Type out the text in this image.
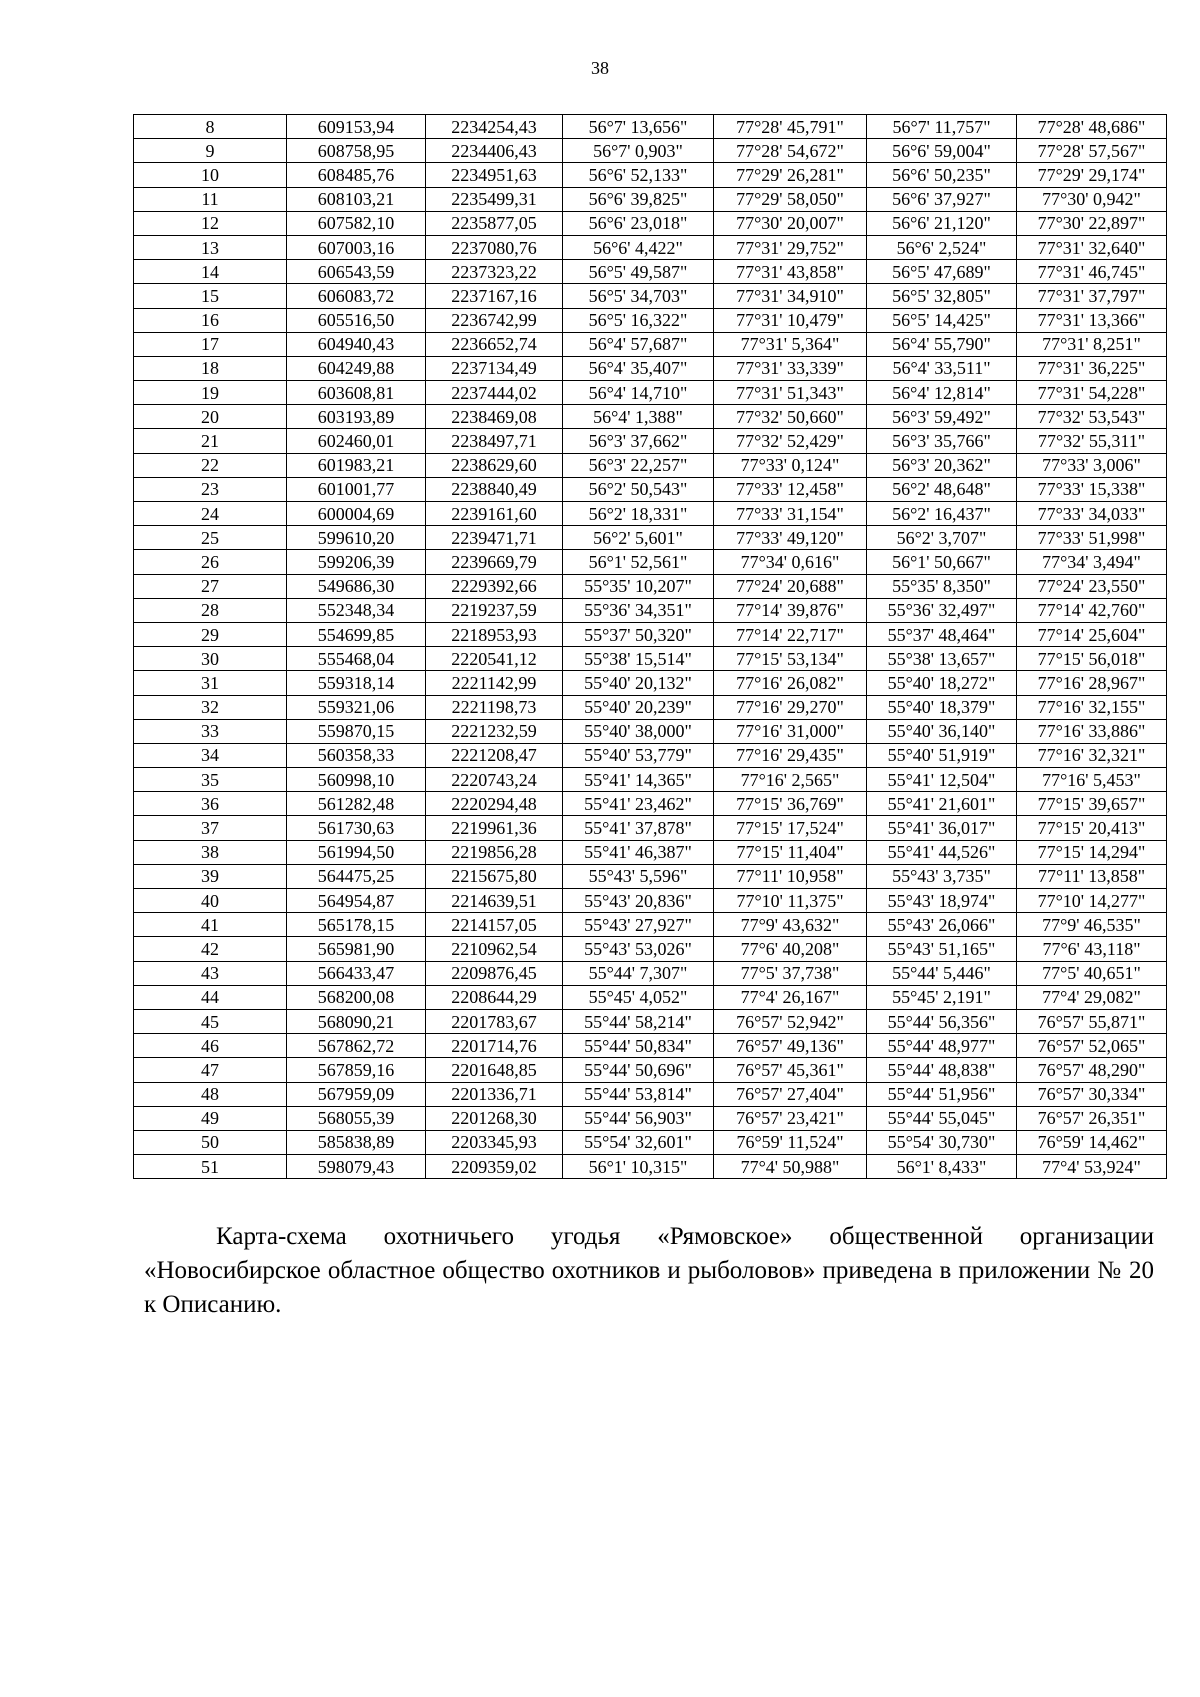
38
8	609153,94	2234254,43	56°7' 13,656"	77°28' 45,791"	56°7' 11,757"	77°28' 48,686"
9	608758,95	2234406,43	56°7' 0,903"	77°28' 54,672"	56°6' 59,004"	77°28' 57,567"
10	608485,76	2234951,63	56°6' 52,133"	77°29' 26,281"	56°6' 50,235"	77°29' 29,174"
11	608103,21	2235499,31	56°6' 39,825"	77°29' 58,050"	56°6' 37,927"	77°30' 0,942"
12	607582,10	2235877,05	56°6' 23,018"	77°30' 20,007"	56°6' 21,120"	77°30' 22,897"
13	607003,16	2237080,76	56°6' 4,422"	77°31' 29,752"	56°6' 2,524"	77°31' 32,640"
14	606543,59	2237323,22	56°5' 49,587"	77°31' 43,858"	56°5' 47,689"	77°31' 46,745"
15	606083,72	2237167,16	56°5' 34,703"	77°31' 34,910"	56°5' 32,805"	77°31' 37,797"
16	605516,50	2236742,99	56°5' 16,322"	77°31' 10,479"	56°5' 14,425"	77°31' 13,366"
17	604940,43	2236652,74	56°4' 57,687"	77°31' 5,364"	56°4' 55,790"	77°31' 8,251"
18	604249,88	2237134,49	56°4' 35,407"	77°31' 33,339"	56°4' 33,511"	77°31' 36,225"
19	603608,81	2237444,02	56°4' 14,710"	77°31' 51,343"	56°4' 12,814"	77°31' 54,228"
20	603193,89	2238469,08	56°4' 1,388"	77°32' 50,660"	56°3' 59,492"	77°32' 53,543"
21	602460,01	2238497,71	56°3' 37,662"	77°32' 52,429"	56°3' 35,766"	77°32' 55,311"
22	601983,21	2238629,60	56°3' 22,257"	77°33' 0,124"	56°3' 20,362"	77°33' 3,006"
23	601001,77	2238840,49	56°2' 50,543"	77°33' 12,458"	56°2' 48,648"	77°33' 15,338"
24	600004,69	2239161,60	56°2' 18,331"	77°33' 31,154"	56°2' 16,437"	77°33' 34,033"
25	599610,20	2239471,71	56°2' 5,601"	77°33' 49,120"	56°2' 3,707"	77°33' 51,998"
26	599206,39	2239669,79	56°1' 52,561"	77°34' 0,616"	56°1' 50,667"	77°34' 3,494"
27	549686,30	2229392,66	55°35' 10,207"	77°24' 20,688"	55°35' 8,350"	77°24' 23,550"
28	552348,34	2219237,59	55°36' 34,351"	77°14' 39,876"	55°36' 32,497"	77°14' 42,760"
29	554699,85	2218953,93	55°37' 50,320"	77°14' 22,717"	55°37' 48,464"	77°14' 25,604"
30	555468,04	2220541,12	55°38' 15,514"	77°15' 53,134"	55°38' 13,657"	77°15' 56,018"
31	559318,14	2221142,99	55°40' 20,132"	77°16' 26,082"	55°40' 18,272"	77°16' 28,967"
32	559321,06	2221198,73	55°40' 20,239"	77°16' 29,270"	55°40' 18,379"	77°16' 32,155"
33	559870,15	2221232,59	55°40' 38,000"	77°16' 31,000"	55°40' 36,140"	77°16' 33,886"
34	560358,33	2221208,47	55°40' 53,779"	77°16' 29,435"	55°40' 51,919"	77°16' 32,321"
35	560998,10	2220743,24	55°41' 14,365"	77°16' 2,565"	55°41' 12,504"	77°16' 5,453"
36	561282,48	2220294,48	55°41' 23,462"	77°15' 36,769"	55°41' 21,601"	77°15' 39,657"
37	561730,63	2219961,36	55°41' 37,878"	77°15' 17,524"	55°41' 36,017"	77°15' 20,413"
38	561994,50	2219856,28	55°41' 46,387"	77°15' 11,404"	55°41' 44,526"	77°15' 14,294"
39	564475,25	2215675,80	55°43' 5,596"	77°11' 10,958"	55°43' 3,735"	77°11' 13,858"
40	564954,87	2214639,51	55°43' 20,836"	77°10' 11,375"	55°43' 18,974"	77°10' 14,277"
41	565178,15	2214157,05	55°43' 27,927"	77°9' 43,632"	55°43' 26,066"	77°9' 46,535"
42	565981,90	2210962,54	55°43' 53,026"	77°6' 40,208"	55°43' 51,165"	77°6' 43,118"
43	566433,47	2209876,45	55°44' 7,307"	77°5' 37,738"	55°44' 5,446"	77°5' 40,651"
44	568200,08	2208644,29	55°45' 4,052"	77°4' 26,167"	55°45' 2,191"	77°4' 29,082"
45	568090,21	2201783,67	55°44' 58,214"	76°57' 52,942"	55°44' 56,356"	76°57' 55,871"
46	567862,72	2201714,76	55°44' 50,834"	76°57' 49,136"	55°44' 48,977"	76°57' 52,065"
47	567859,16	2201648,85	55°44' 50,696"	76°57' 45,361"	55°44' 48,838"	76°57' 48,290"
48	567959,09	2201336,71	55°44' 53,814"	76°57' 27,404"	55°44' 51,956"	76°57' 30,334"
49	568055,39	2201268,30	55°44' 56,903"	76°57' 23,421"	55°44' 55,045"	76°57' 26,351"
50	585838,89	2203345,93	55°54' 32,601"	76°59' 11,524"	55°54' 30,730"	76°59' 14,462"
51	598079,43	2209359,02	56°1' 10,315"	77°4' 50,988"	56°1' 8,433"	77°4' 53,924"

Карта-схема охотничьего угодья «Рямовское» общественной организации «Новосибирское областное общество охотников и рыболовов» приведена в приложении № 20 к Описанию.
